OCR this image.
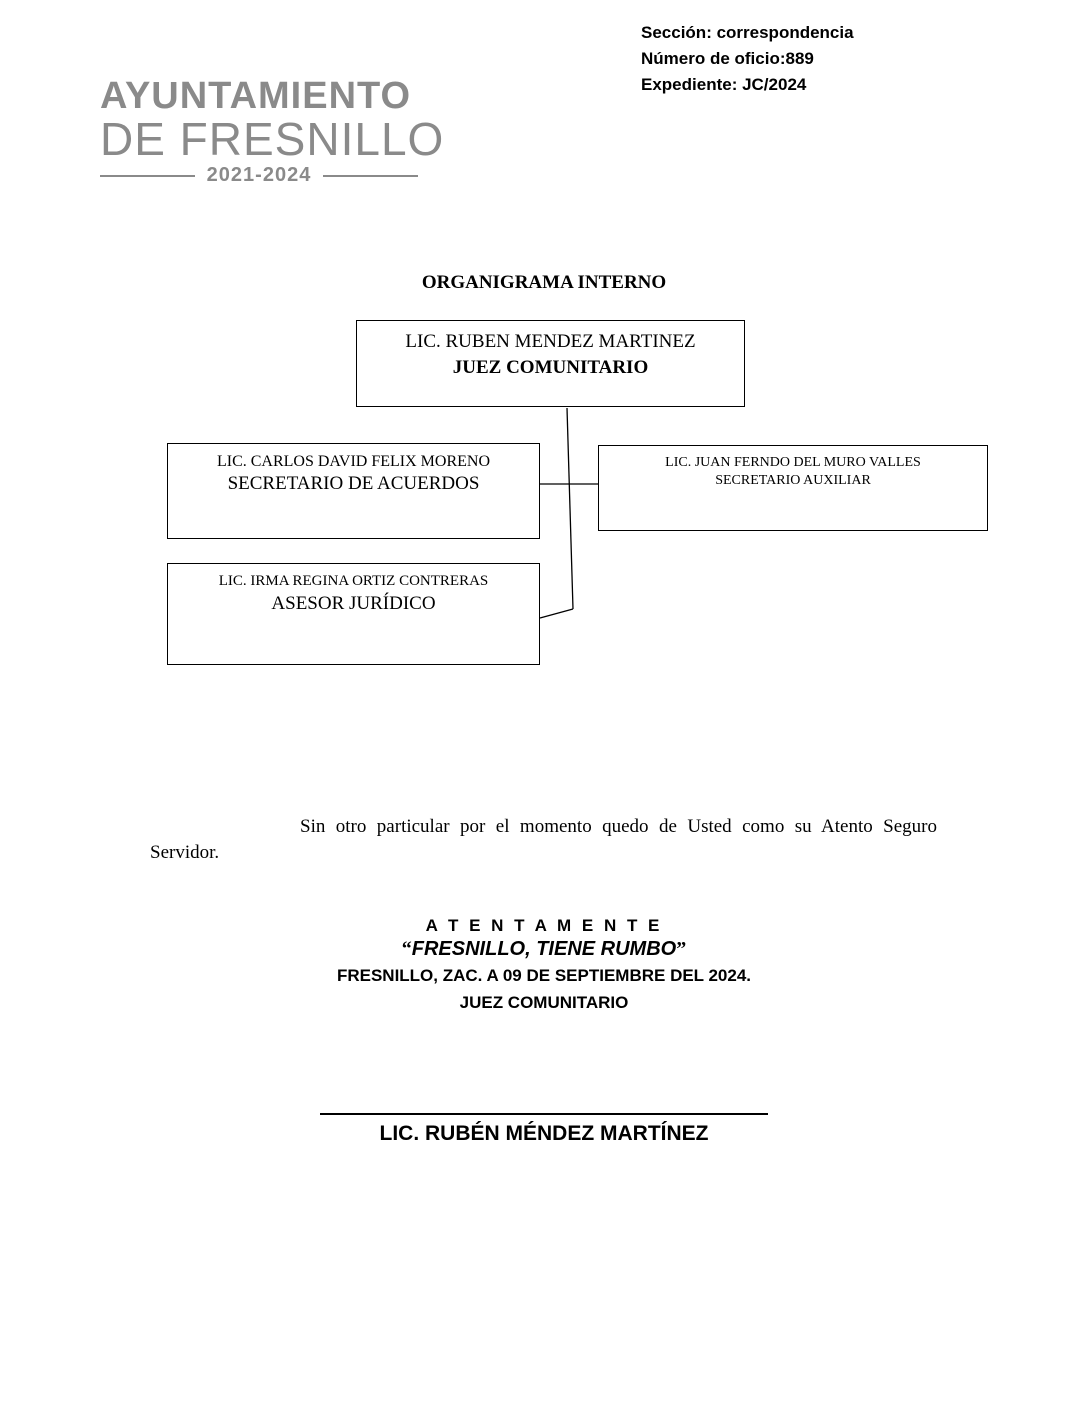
AYUNTAMIENTO
DE FRESNILLO
2021-2024
Sección: correspondencia
Número de oficio:889
Expediente: JC/2024
ORGANIGRAMA INTERNO
LIC. RUBEN MENDEZ MARTINEZ
JUEZ COMUNITARIO
LIC. CARLOS DAVID FELIX MORENO
SECRETARIO DE ACUERDOS
LIC. JUAN FERNDO DEL MURO VALLES
SECRETARIO AUXILIAR
LIC. IRMA REGINA ORTIZ CONTRERAS
ASESOR JURÍDICO
Sin otro particular por el momento quedo de Usted como su Atento Seguro Servidor.
A T E N T A M E N T E
“FRESNILLO, TIENE RUMBO”
FRESNILLO, ZAC. A 09 DE SEPTIEMBRE DEL 2024.
JUEZ COMUNITARIO
LIC. RUBÉN MÉNDEZ MARTÍNEZ
